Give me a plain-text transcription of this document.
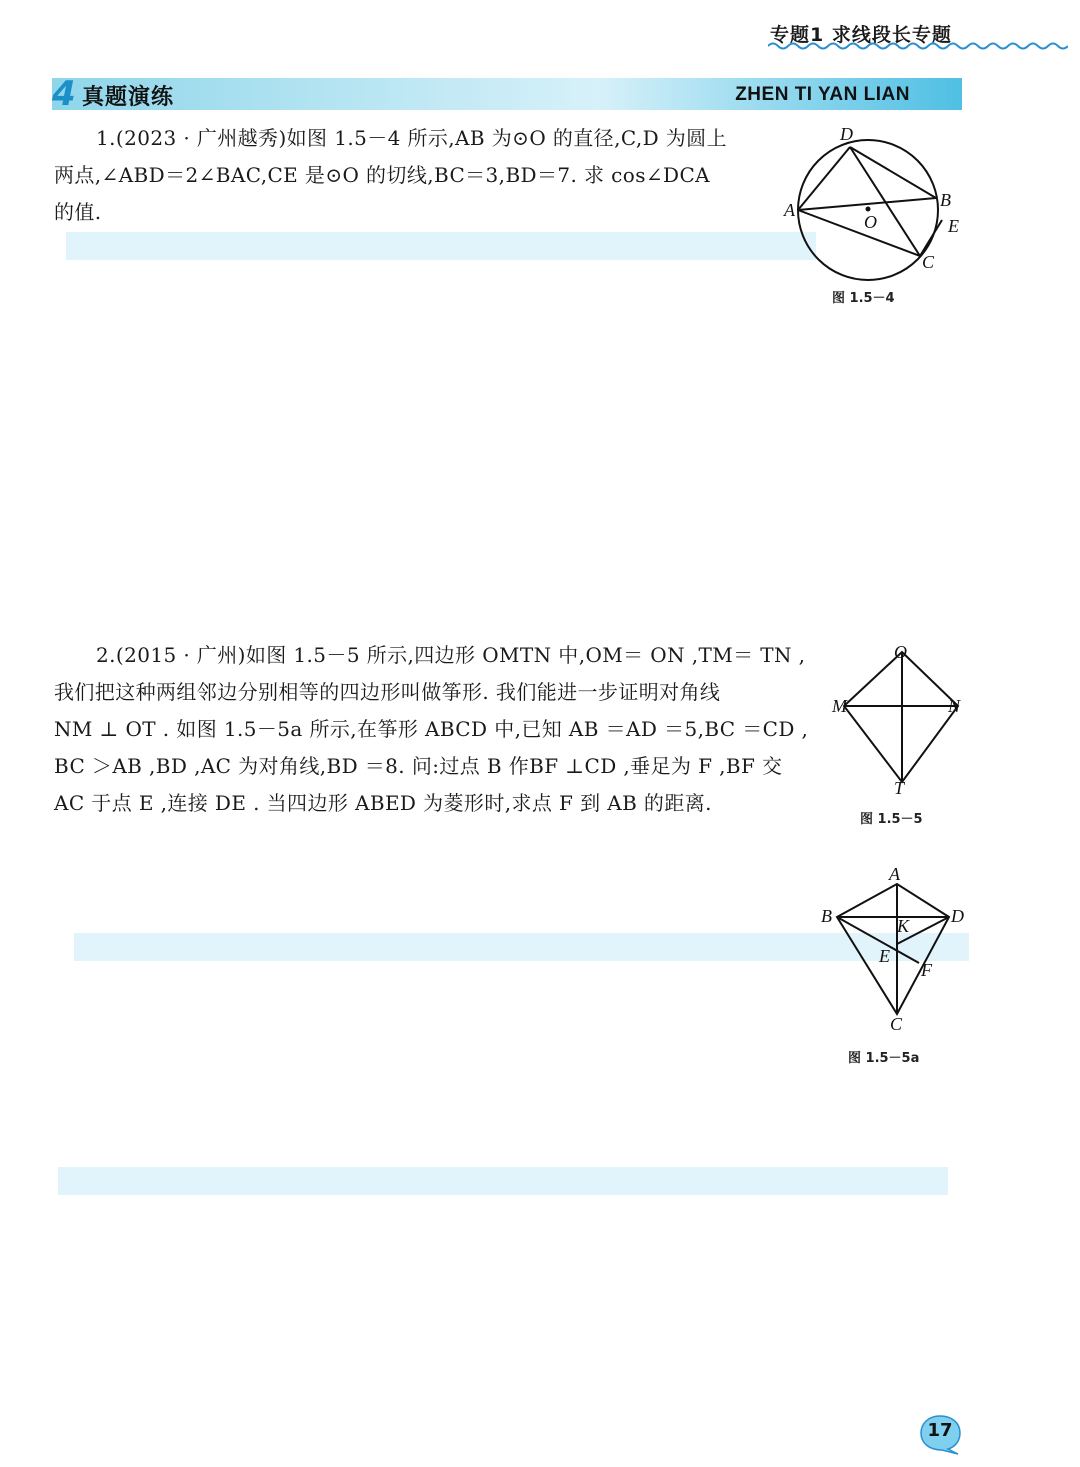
专题1 求线段长专题
4 真题演练	ZHEN TI YAN LIAN

1.(2023 · 广州越秀)如图 1.5－4 所示,AB 为⊙O 的直径,C,D 为圆上

两点,∠ABD＝2∠BAC,CE 是⊙O 的切线,BC＝3,BD＝7. 求 cos∠DCA

的值.

D
A
O
B
E
C
图 1.5－4

2.(2015 · 广州)如图 1.5－5 所示,四边形 OMTN 中,OM＝ ON ,TM＝ TN ,

我们把这种两组邻边分别相等的四边形叫做筝形. 我们能进一步证明对角线

NM ⊥ OT . 如图 1.5－5a 所示,在筝形 ABCD 中,已知 AB ＝AD ＝5,BC ＝CD ,

BC ＞AB ,BD ,AC 为对角线,BD ＝8. 问:过点 B 作BF ⊥CD ,垂足为 F ,BF 交

AC 于点 E ,连接 DE . 当四边形 ABED 为菱形时,求点 F 到 AB 的距离.

O
M	N
T
图 1.5－5
A
B	D
K
E
F
C
图 1.5－5a
17
